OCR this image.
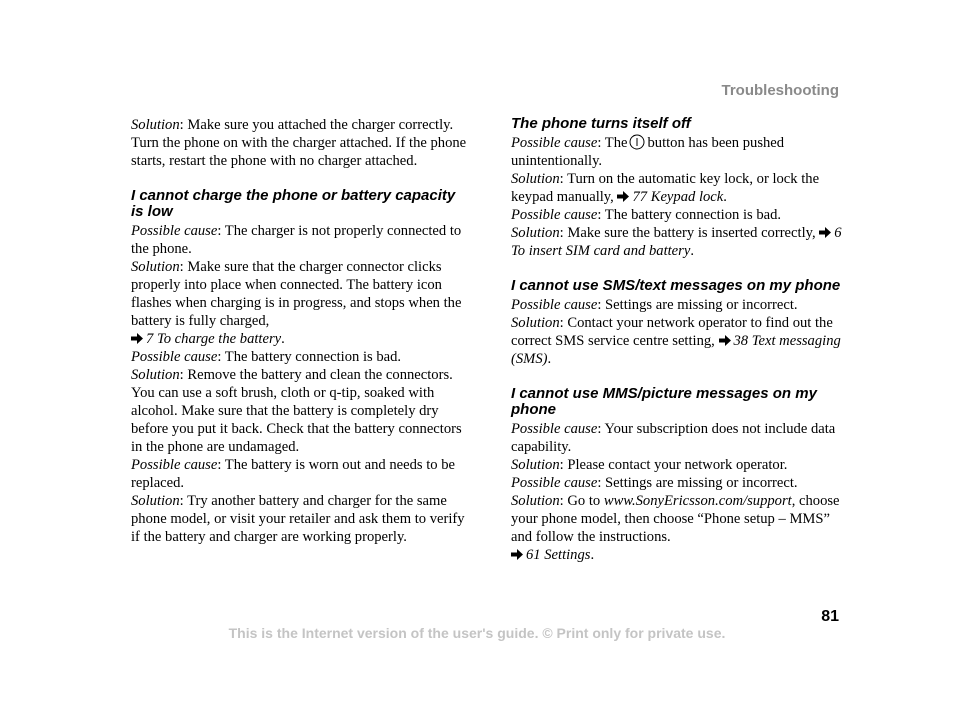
Troubleshooting

Solution: Make sure you attached the charger correctly. Turn the phone on with the charger attached. If the phone starts, restart the phone with no charger attached.

I cannot charge the phone or battery capacity is low

Possible cause: The charger is not properly connected to the phone.

Solution: Make sure that the charger connector clicks properly into place when connected. The battery icon flashes when charging is in progress, and stops when the battery is fully charged,

7 To charge the battery.

Possible cause: The battery connection is bad.

Solution: Remove the battery and clean the connectors. You can use a soft brush, cloth or q-tip, soaked with alcohol. Make sure that the battery is completely dry before you put it back. Check that the battery connectors in the phone are undamaged.

Possible cause: The battery is worn out and needs to be replaced.

Solution: Try another battery and charger for the same phone model, or visit your retailer and ask them to verify if the battery and charger are working properly.

The phone turns itself off

Possible cause: The button has been pushed unintentionally.

Solution: Turn on the automatic key lock, or lock the keypad manually, 77 Keypad lock.

Possible cause: The battery connection is bad.

Solution: Make sure the battery is inserted correctly, 6 To insert SIM card and battery.

I cannot use SMS/text messages on my phone

Possible cause: Settings are missing or incorrect.

Solution: Contact your network operator to find out the correct SMS service centre setting, 38 Text messaging (SMS).

I cannot use MMS/picture messages on my phone

Possible cause: Your subscription does not include data capability.

Solution: Please contact your network operator.

Possible cause: Settings are missing or incorrect.

Solution: Go to www.SonyEricsson.com/support, choose your phone model, then choose “Phone setup – MMS” and follow the instructions.

61 Settings.

81
This is the Internet version of the user's guide. © Print only for private use.
